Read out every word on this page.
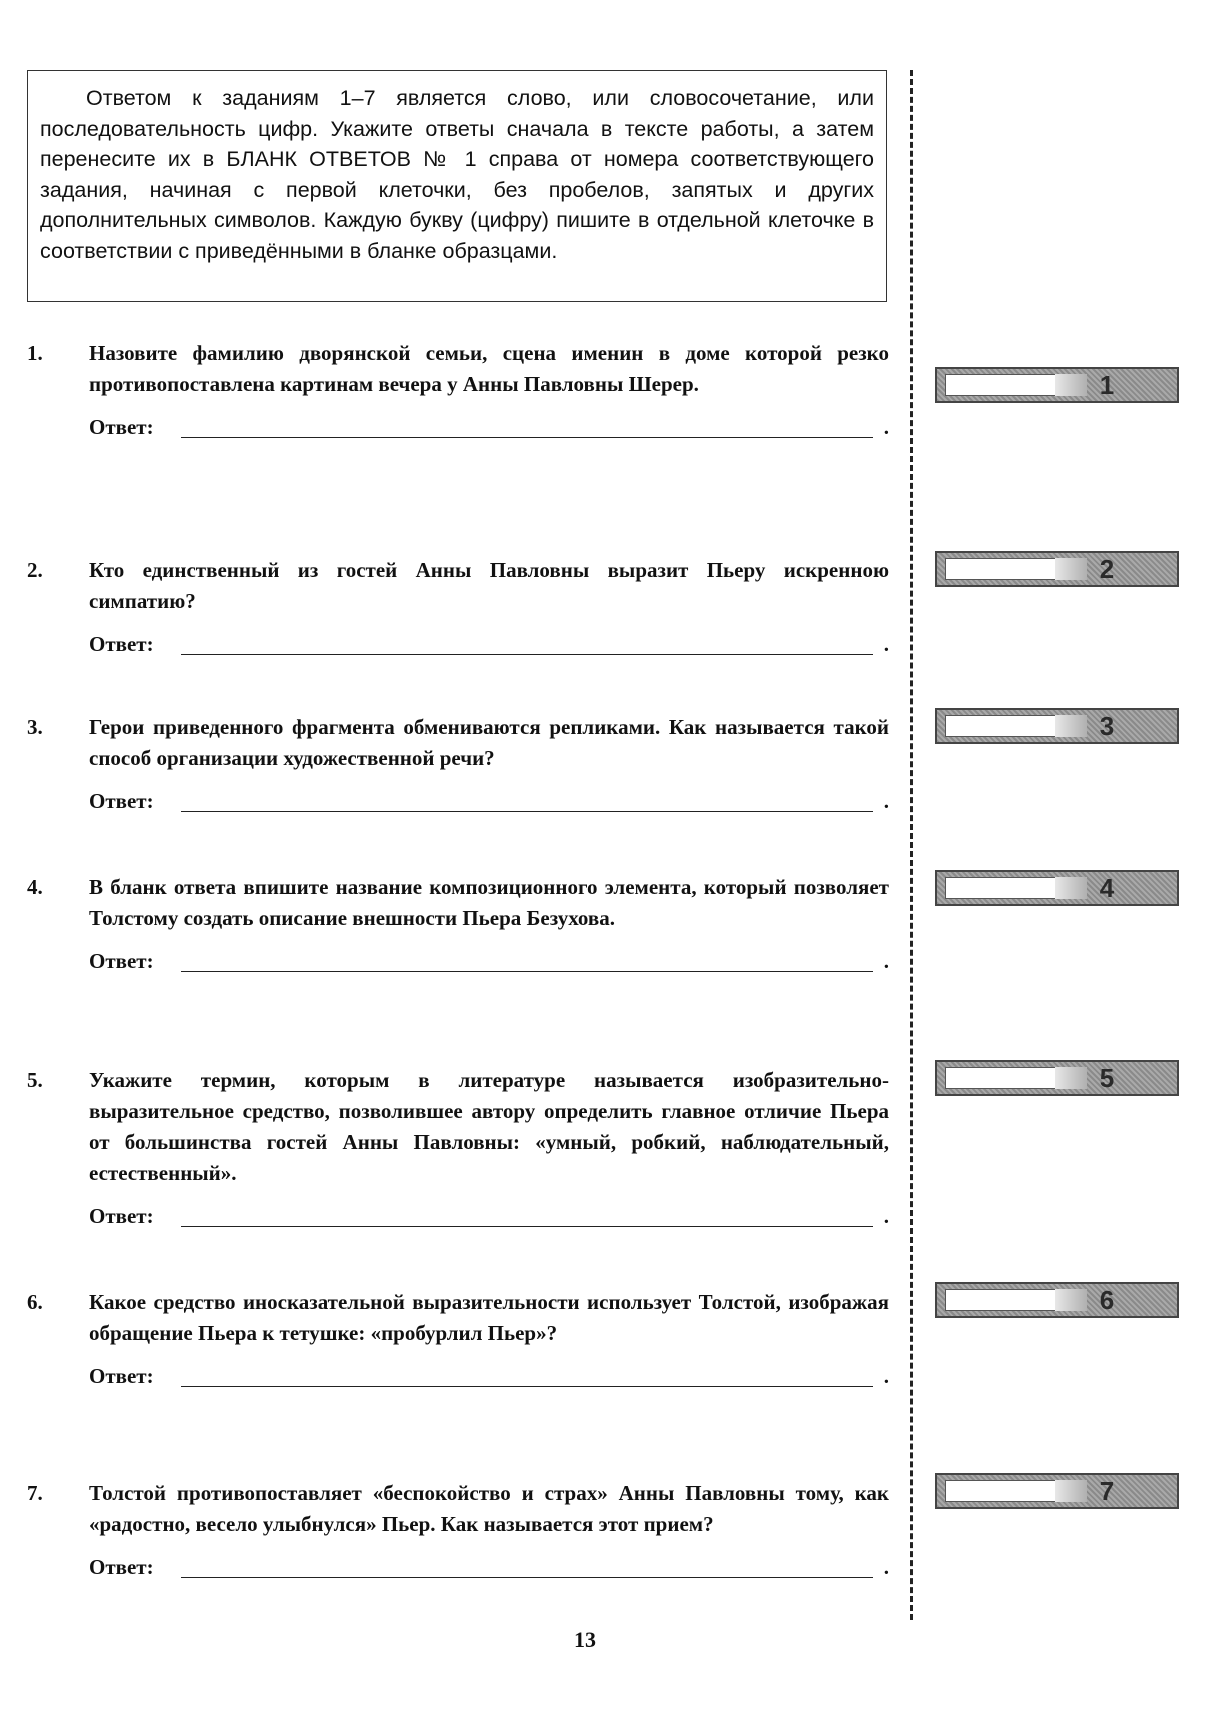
Ответом к заданиям 1–7 является слово, или словосочетание, или последовательность цифр. Укажите ответы сначала в тексте работы, а затем перенесите их в БЛАНК ОТВЕТОВ № 1 справа от номера соответствующего задания, начиная с первой клеточки, без пробелов, запятых и других дополнительных символов. Каждую букву (цифру) пишите в отдельной клеточке в соответствии с приведёнными в бланке образцами.
1. Назовите фамилию дворянской семьи, сцена именин в доме которой резко противопоставлена картинам вечера у Анны Павловны Шерер.
Ответ:	.
1
2. Кто единственный из гостей Анны Павловны выразит Пьеру искренною симпатию?
Ответ:	.
2
3. Герои приведенного фрагмента обмениваются репликами. Как называется такой способ организации художественной речи?
Ответ:	.
3
4. В бланк ответа впишите название композиционного элемента, который позволяет Толстому создать описание внешности Пьера Безухова.
Ответ:	.
4
5. Укажите термин, которым в литературе называется изобразительно-выразительное средство, позволившее автору определить главное отличие Пьера от большинства гостей Анны Павловны: «умный, робкий, наблюдательный, естественный».
Ответ:	.
5
6. Какое средство иносказательной выразительности использует Толстой, изображая обращение Пьера к тетушке: «пробурлил Пьер»?
Ответ:	.
6
7. Толстой противопоставляет «беспокойство и страх» Анны Павловны тому, как «радостно, весело улыбнулся» Пьер. Как называется этот прием?
Ответ:	.
7
13
